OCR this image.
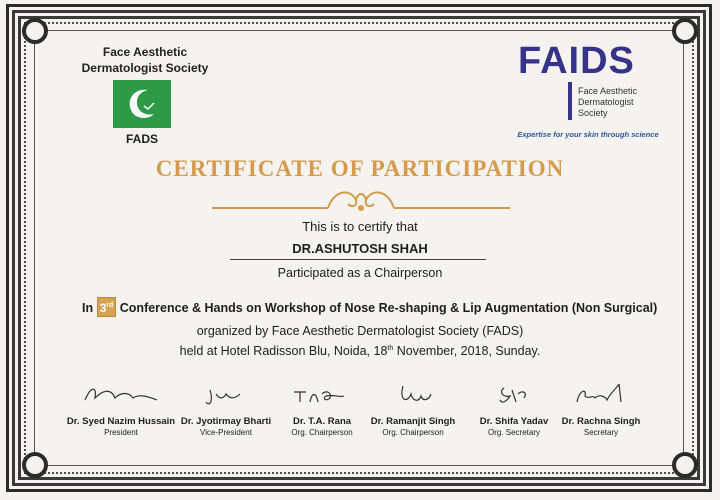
Face Aesthetic
Dermatologist Society
FADS
FAIDS
Face Aesthetic
Dermatologist
Society
Expertise for your skin through science
CERTIFICATE OF PARTICIPATION
This is to certify that
DR.ASHUTOSH SHAH
Participated as a Chairperson
In 3rd Conference & Hands on Workshop of Nose Re-shaping & Lip Augmentation (Non Surgical)
organized by Face Aesthetic Dermatologist Society (FADS)
held at Hotel Radisson Blu, Noida, 18th November, 2018, Sunday.
Dr. Syed Nazim Hussain
President
Dr. Jyotirmay Bharti
Vice-President
Dr. T.A. Rana
Org. Chairperson
Dr. Ramanjit Singh
Org. Chairperson
Dr. Shifa Yadav
Org. Secretary
Dr. Rachna Singh
Secretary
